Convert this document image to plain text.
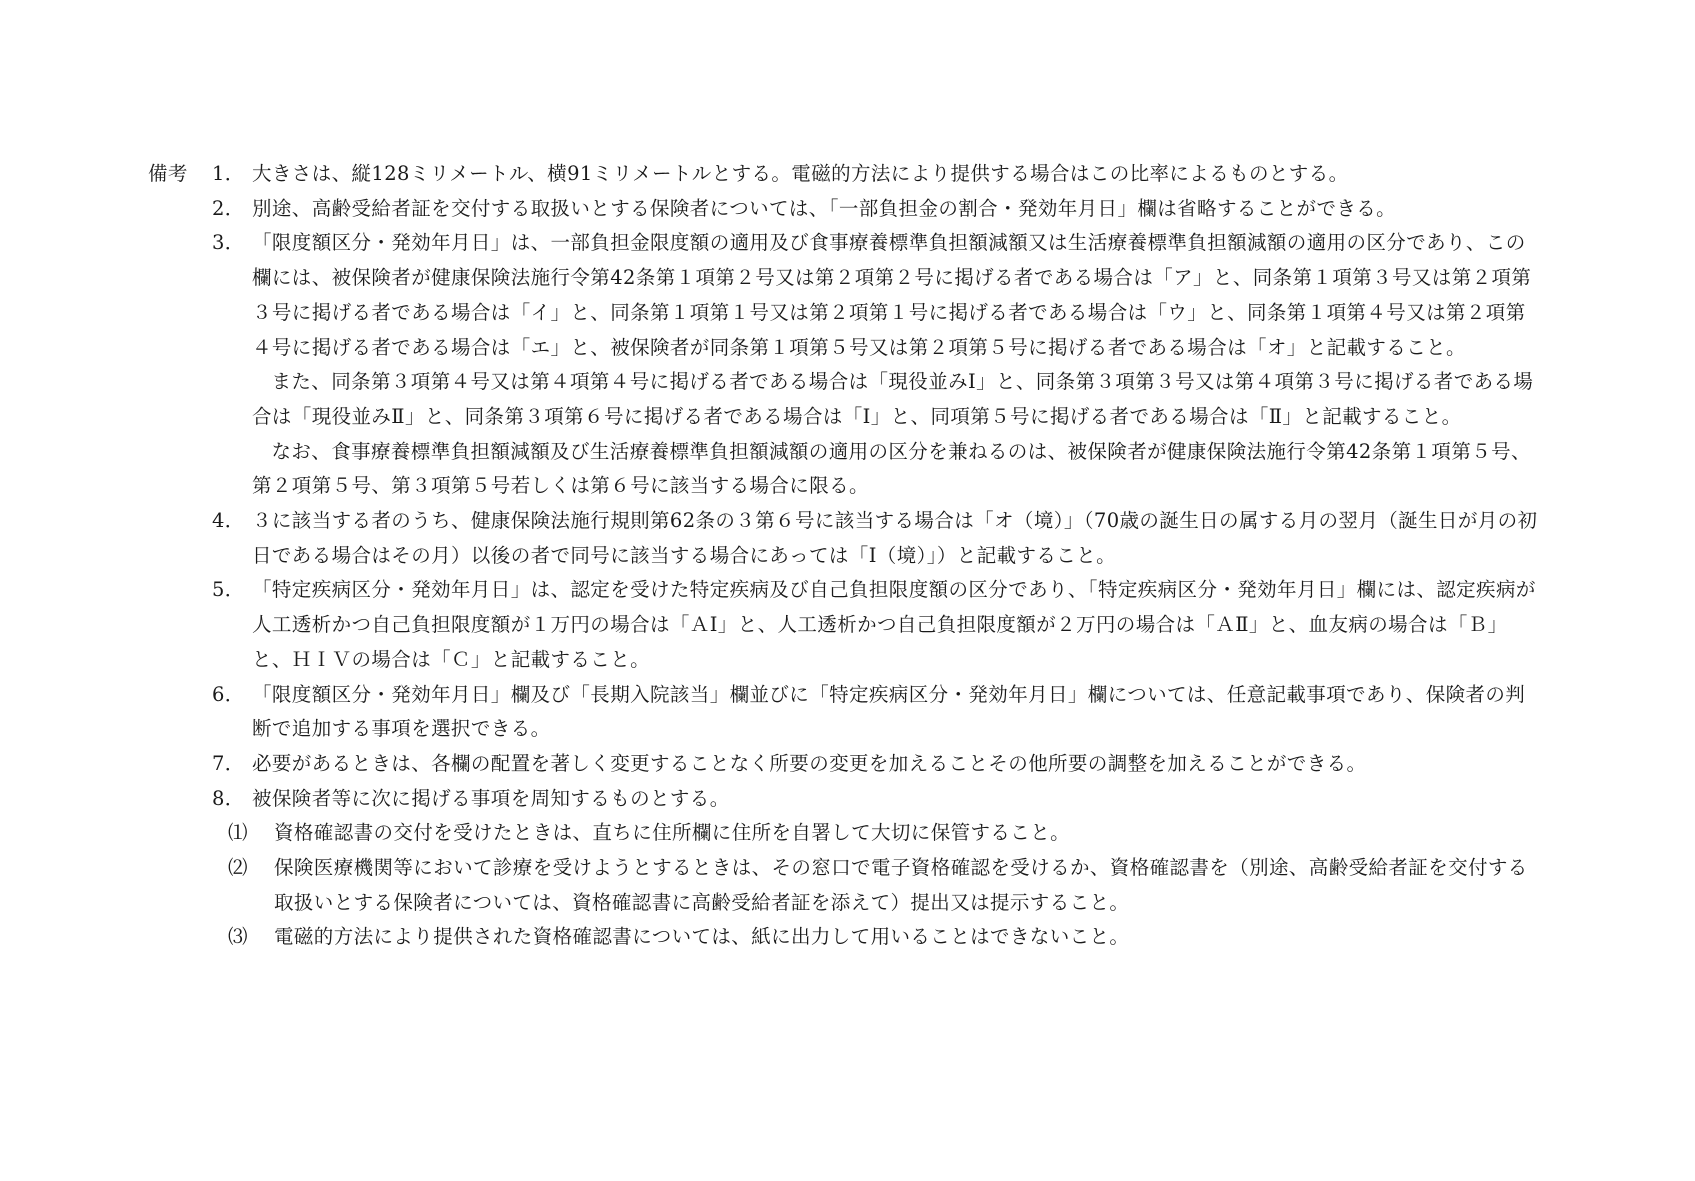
備考	1． 大きさは、縦128ミリメートル、横91ミリメートルとする。電磁的方法により提供する場合はこの比率によるものとする。

2． 別途、高齢受給者証を交付する取扱いとする保険者については、「一部負担金の割合・発効年月日」欄は省略することができる。

3． 「限度額区分・発効年月日」は、一部負担金限度額の適用及び食事療養標準負担額減額又は生活療養標準負担額減額の適用の区分であり、この欄には、被保険者が健康保険法施行令第42条第１項第２号又は第２項第２号に掲げる者である場合は「ア」と、同条第１項第３号又は第２項第３号に掲げる者である場合は「イ」と、同条第１項第１号又は第２項第１号に掲げる者である場合は「ウ」と、同条第１項第４号又は第２項第４号に掲げる者である場合は「エ」と、被保険者が同条第１項第５号又は第２項第５号に掲げる者である場合は「オ」と記載すること。

また、同条第３項第４号又は第４項第４号に掲げる者である場合は「現役並みⅠ」と、同条第３項第３号又は第４項第３号に掲げる者である場合は「現役並みⅡ」と、同条第３項第６号に掲げる者である場合は「Ⅰ」と、同項第５号に掲げる者である場合は「Ⅱ」と記載すること。

なお、食事療養標準負担額減額及び生活療養標準負担額減額の適用の区分を兼ねるのは、被保険者が健康保険法施行令第42条第１項第５号、第２項第５号、第３項第５号若しくは第６号に該当する場合に限る。

4． ３に該当する者のうち、健康保険法施行規則第62条の３第６号に該当する場合は「オ（境）」（70歳の誕生日の属する月の翌月（誕生日が月の初日である場合はその月）以後の者で同号に該当する場合にあっては「Ⅰ（境）」）と記載すること。

5． 「特定疾病区分・発効年月日」は、認定を受けた特定疾病及び自己負担限度額の区分であり、「特定疾病区分・発効年月日」欄には、認定疾病が人工透析かつ自己負担限度額が１万円の場合は「ＡⅠ」と、人工透析かつ自己負担限度額が２万円の場合は「ＡⅡ」と、血友病の場合は「Ｂ」と、ＨＩＶの場合は「Ｃ」と記載すること。

6． 「限度額区分・発効年月日」欄及び「長期入院該当」欄並びに「特定疾病区分・発効年月日」欄については、任意記載事項であり、保険者の判断で追加する事項を選択できる。

7． 必要があるときは、各欄の配置を著しく変更することなく所要の変更を加えることその他所要の調整を加えることができる。

8． 被保険者等に次に掲げる事項を周知するものとする。

⑴	資格確認書の交付を受けたときは、直ちに住所欄に住所を自署して大切に保管すること。
⑵	保険医療機関等において診療を受けようとするときは、その窓口で電子資格確認を受けるか、資格確認書を（別途、高齢受給者証を交付する取扱いとする保険者については、資格確認書に高齢受給者証を添えて）提出又は提示すること。
⑶	電磁的方法により提供された資格確認書については、紙に出力して用いることはできないこと。
